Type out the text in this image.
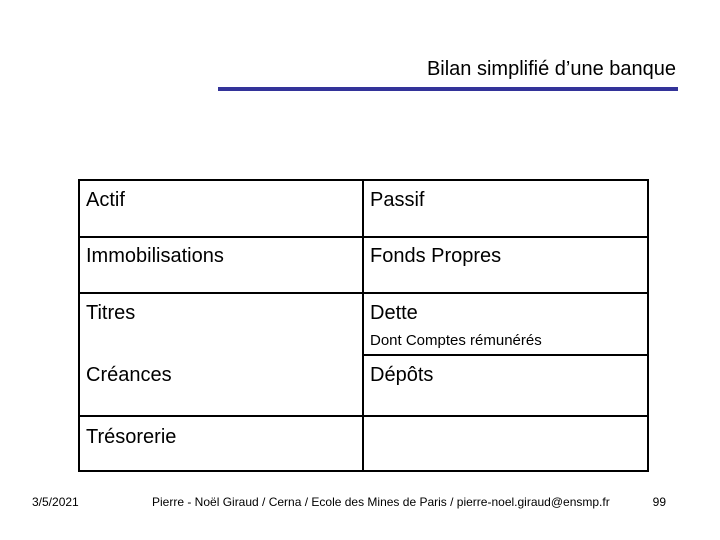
Bilan simplifié d’une banque
Actif	Passif
Immobilisations	Fonds Propres
Titres	Dette
Dont Comptes rémunérés
Créances	Dépôts
Trésorerie
3/5/2021	Pierre - Noël Giraud / Cerna / Ecole des Mines de Paris / pierre-noel.giraud@ensmp.fr	99
